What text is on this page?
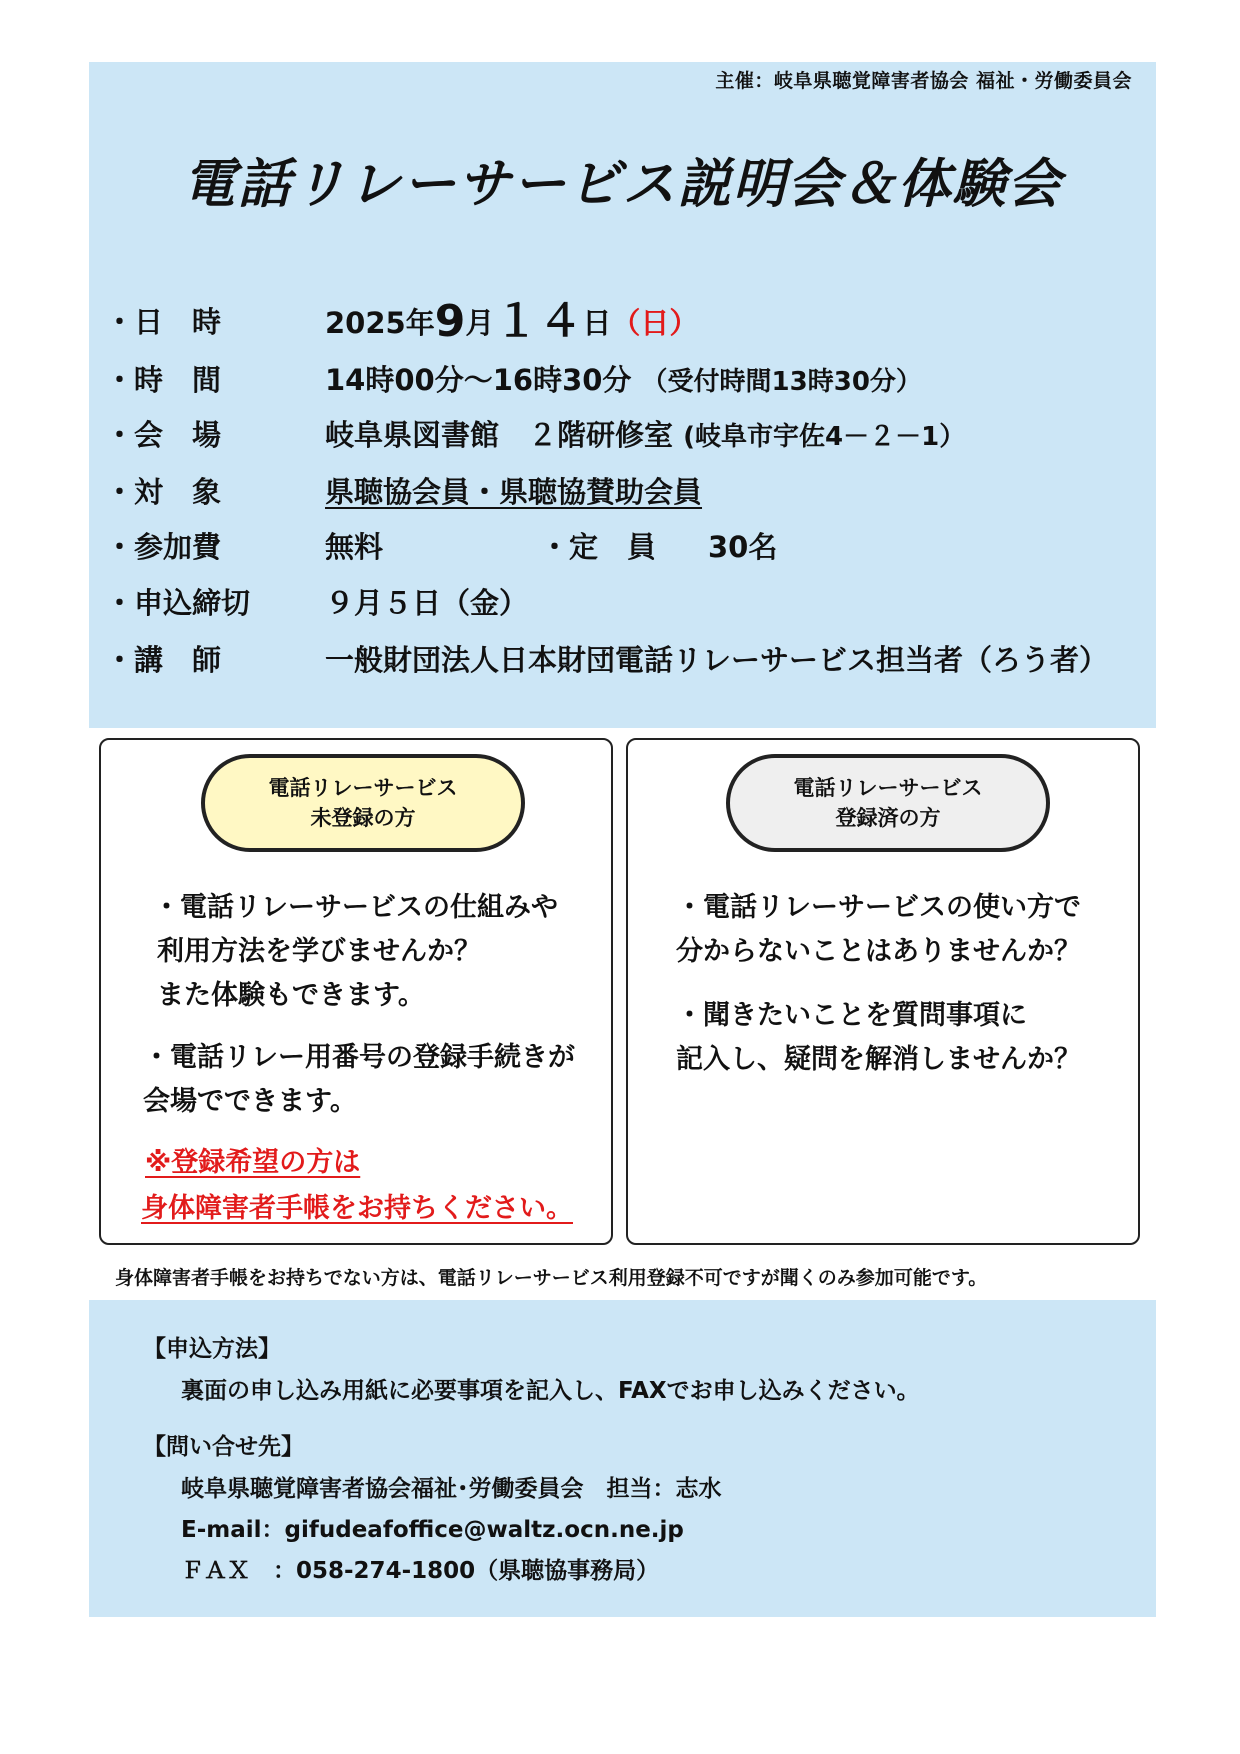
主催：岐阜県聴覚障害者協会 福祉・労働委員会
電話リレーサービス説明会＆体験会
・日　時	2025年9月１４日（日）
・時　間	14時00分～16時30分 （受付時間13時30分）
・会　場	岐阜県図書館　２階研修室 (岐阜市宇佐4－２－1）
・対　象	県聴協会員・県聴協賛助会員
・参加費	無料	・定　員 30名
・申込締切	９月５日（金）
・講　師	一般財団法人日本財団電話リレーサービス担当者（ろう者）
電話リレーサービス
未登録の方
・電話リレーサービスの仕組みや
利用方法を学びませんか？
また体験もできます。
・電話リレー用番号の登録手続きが
会場でできます。
※登録希望の方は
身体障害者手帳をお持ちください。
電話リレーサービス
登録済の方
・電話リレーサービスの使い方で
分からないことはありませんか？
・聞きたいことを質問事項に
記入し、疑問を解消しませんか？
身体障害者手帳をお持ちでない方は、電話リレーサービス利用登録不可ですが聞くのみ参加可能です。
【申込方法】
裏面の申し込み用紙に必要事項を記入し、FAXでお申し込みください。
【問い合せ先】
岐阜県聴覚障害者協会福祉･労働委員会　担当：志水
E-mail：gifudeafoffice@waltz.ocn.ne.jp
ＦＡＸ　：058-274-1800（県聴協事務局）
